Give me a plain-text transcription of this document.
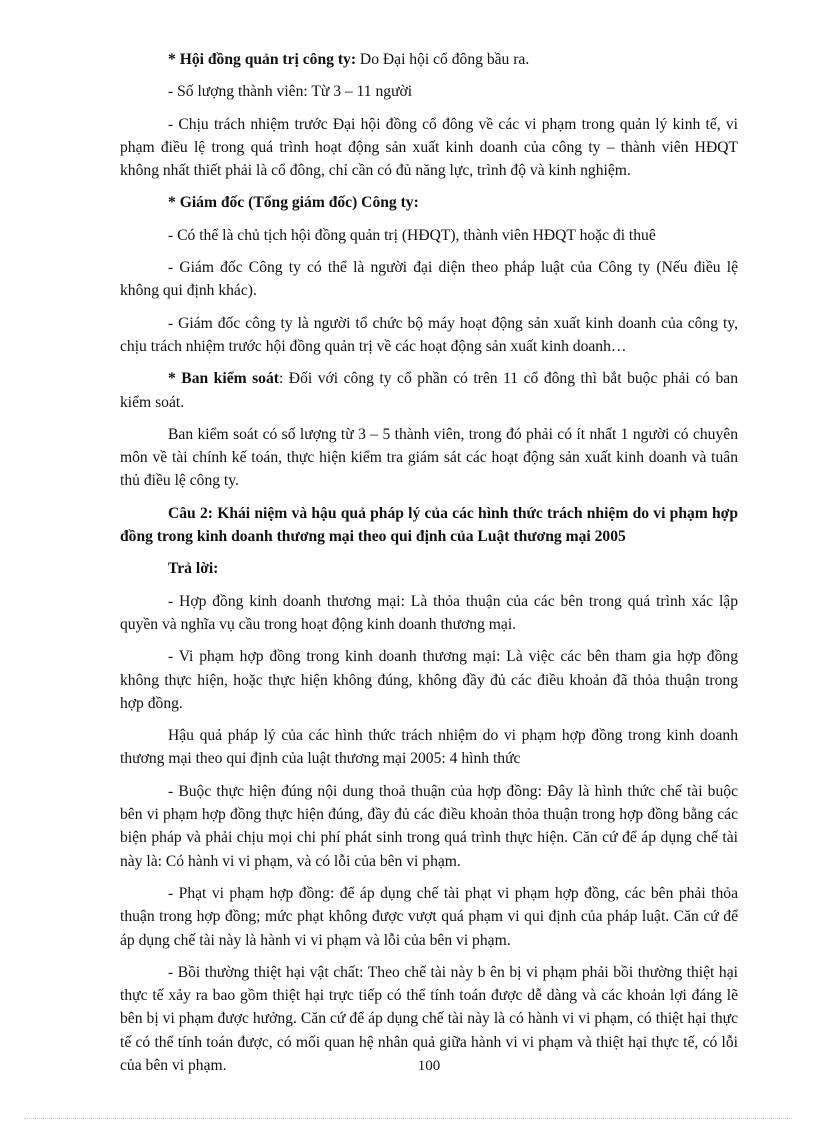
* Hội đồng quản trị công ty: Do Đại hội cổ đông bầu ra.

- Số lượng thành viên: Từ 3 – 11 người

- Chịu trách nhiệm trước Đại hội đồng cổ đông về các vi phạm trong quản lý kinh tế, vi phạm điều lệ trong quá trình hoạt động sản xuất kinh doanh của công ty – thành viên HĐQT không nhất thiết phải là cổ đông, chỉ cần có đủ năng lực, trình độ và kinh nghiệm.

* Giám đốc (Tổng giám đốc) Công ty:

- Có thể là chủ tịch hội đồng quản trị (HĐQT), thành viên HĐQT hoặc đi thuê

- Giám đốc Công ty có thể là người đại diện theo pháp luật của Công ty (Nếu điều lệ không qui định khác).

- Giám đốc công ty là người tổ chức bộ máy hoạt động sản xuất kinh doanh của công ty, chịu trách nhiệm trước hội đồng quản trị về các hoạt động sản xuất kinh doanh…

* Ban kiểm soát: Đối với công ty cổ phần có trên 11 cổ đông thì bắt buộc phải có ban kiểm soát.

Ban kiểm soát có số lượng từ 3 – 5 thành viên, trong đó phải có ít nhất 1 người có chuyên môn về tài chính kế toán, thực hiện kiểm tra giám sát các hoạt động sản xuất kinh doanh và tuân thủ điều lệ công ty.

Câu 2: Khái niệm và hậu quả pháp lý của các hình thức trách nhiệm do vi phạm hợp đồng trong kinh doanh thương mại theo qui định của Luật thương mại 2005

Trả lời:

- Hợp đồng kinh doanh thương mại: Là thỏa thuận của các bên trong quá trình xác lập quyền và nghĩa vụ cầu trong hoạt động kinh doanh thương mại.

- Vi phạm hợp đồng trong kinh doanh thương mại: Là việc các bên tham gia hợp đồng không thực hiện, hoặc thực hiện không đúng, không đầy đủ các điều khoản đã thỏa thuận trong hợp đồng.

Hậu quả pháp lý của các hình thức trách nhiệm do vi phạm hợp đồng trong kinh doanh thương mại theo qui định của luật thương mại 2005: 4 hình thức

- Buộc thực hiện đúng nội dung thoả thuận của hợp đồng: Đây là hình thức chế tài buộc bên vi phạm hợp đồng thực hiện đúng, đầy đủ các điều khoản thỏa thuận trong hợp đồng bằng các biện pháp và phải chịu mọi chi phí phát sinh trong quá trình thực hiện. Căn cứ để áp dụng chế tài này là: Có hành vi vi phạm, và có lỗi của bên vi phạm.

- Phạt vi phạm hợp đồng: để áp dụng chế tài phạt vi phạm hợp đồng, các bên phải thỏa thuận trong hợp đồng; mức phạt không được vượt quá phạm vi qui định của pháp luật. Căn cứ để áp dụng chế tài này là hành vi vi phạm và lỗi của bên vi phạm.

- Bồi thường thiệt hại vật chất: Theo chế tài này b ên bị vi phạm phải bồi thường thiệt hại thực tế xảy ra bao gồm thiệt hại trực tiếp có thể tính toán được dễ dàng và các khoản lợi đáng lẽ bên bị vi phạm được hưởng. Căn cứ để áp dụng chế tài này là có hành vi vi phạm, có thiệt hại thực tế có thể tính toán được, có mối quan hệ nhân quả giữa hành vi vi phạm và thiệt hại thực tế, có lỗi của bên vi phạm.	100
